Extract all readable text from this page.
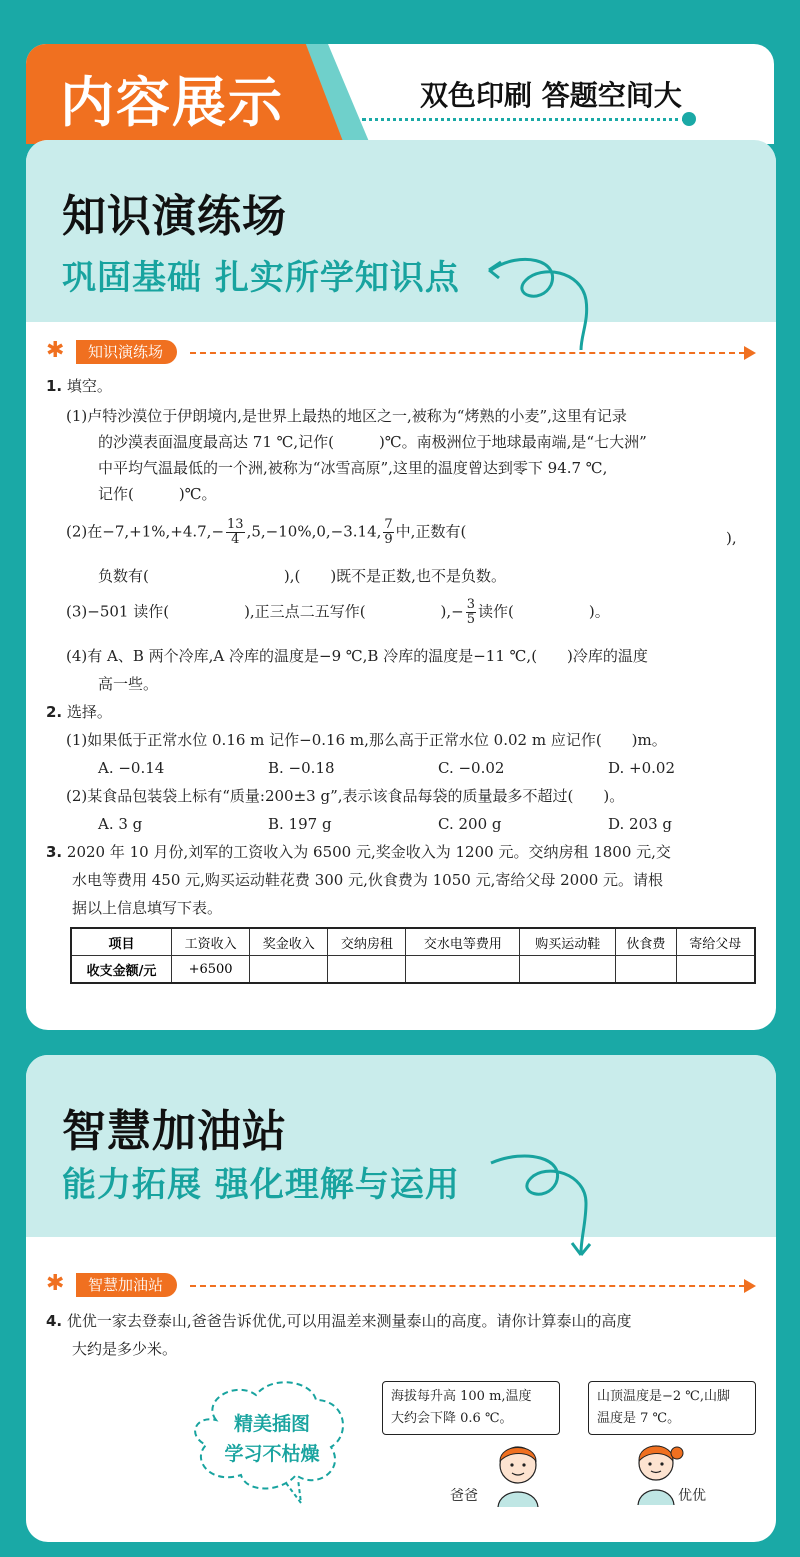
内容展示	双色印刷 答题空间大
知识演练场
巩固基础 扎实所学知识点
✱	知识演练场
1. 填空。
(1)卢特沙漠位于伊朗境内,是世界上最热的地区之一,被称为“烤熟的小麦”,这里有记录
的沙漠表面温度最高达 71 ℃,记作(　　　)℃。南极洲位于地球最南端,是“七大洲”
中平均气温最低的一个洲,被称为“冰雪高原”,这里的温度曾达到零下 94.7 ℃,
记作(　　　)℃。
(2)在$-7,+1\%,+4.7,- \frac{13}{4} ,5,-10\%,0,-3.14$, $\frac{7}{9}$ 中,正数有(	),
负数有(　　　　　　　　　),(　　)既不是正数,也不是负数。
(3)−501 读作(　　　　　),正三点二五写作(　　　　　),− $\frac{3}{5}$ 读作(　　　　　)。
(4)有 A、B 两个冷库,A 冷库的温度是−9 ℃,B 冷库的温度是−11 ℃,(　　)冷库的温度
高一些。
2. 选择。
(1)如果低于正常水位 0.16 m 记作−0.16 m,那么高于正常水位 0.02 m 应记作(　　)m。
A. −0.14	B. −0.18	C. −0.02	D. +0.02
(2)某食品包装袋上标有“质量:200±3 g”,表示该食品每袋的质量最多不超过(　　)。
A. 3 g	B. 197 g	C. 200 g	D. 203 g
3. 2020 年 10 月份,刘军的工资收入为 6500 元,奖金收入为 1200 元。交纳房租 1800 元,交
水电等费用 450 元,购买运动鞋花费 300 元,伙食费为 1050 元,寄给父母 2000 元。请根
据以上信息填写下表。
项目	工资收入	奖金收入	交纳房租	交水电等费用	购买运动鞋	伙食费	寄给父母
收支金额/元	+6500						
智慧加油站
能力拓展 强化理解与运用
✱	智慧加油站
4. 优优一家去登泰山,爸爸告诉优优,可以用温差来测量泰山的高度。请你计算泰山的高度
大约是多少米。
精美插图
学习不枯燥
海拔每升高 100 m,温度
大约会下降 0.6 ℃。
山顶温度是−2 ℃,山脚
温度是 7 ℃。
爸爸	优优
